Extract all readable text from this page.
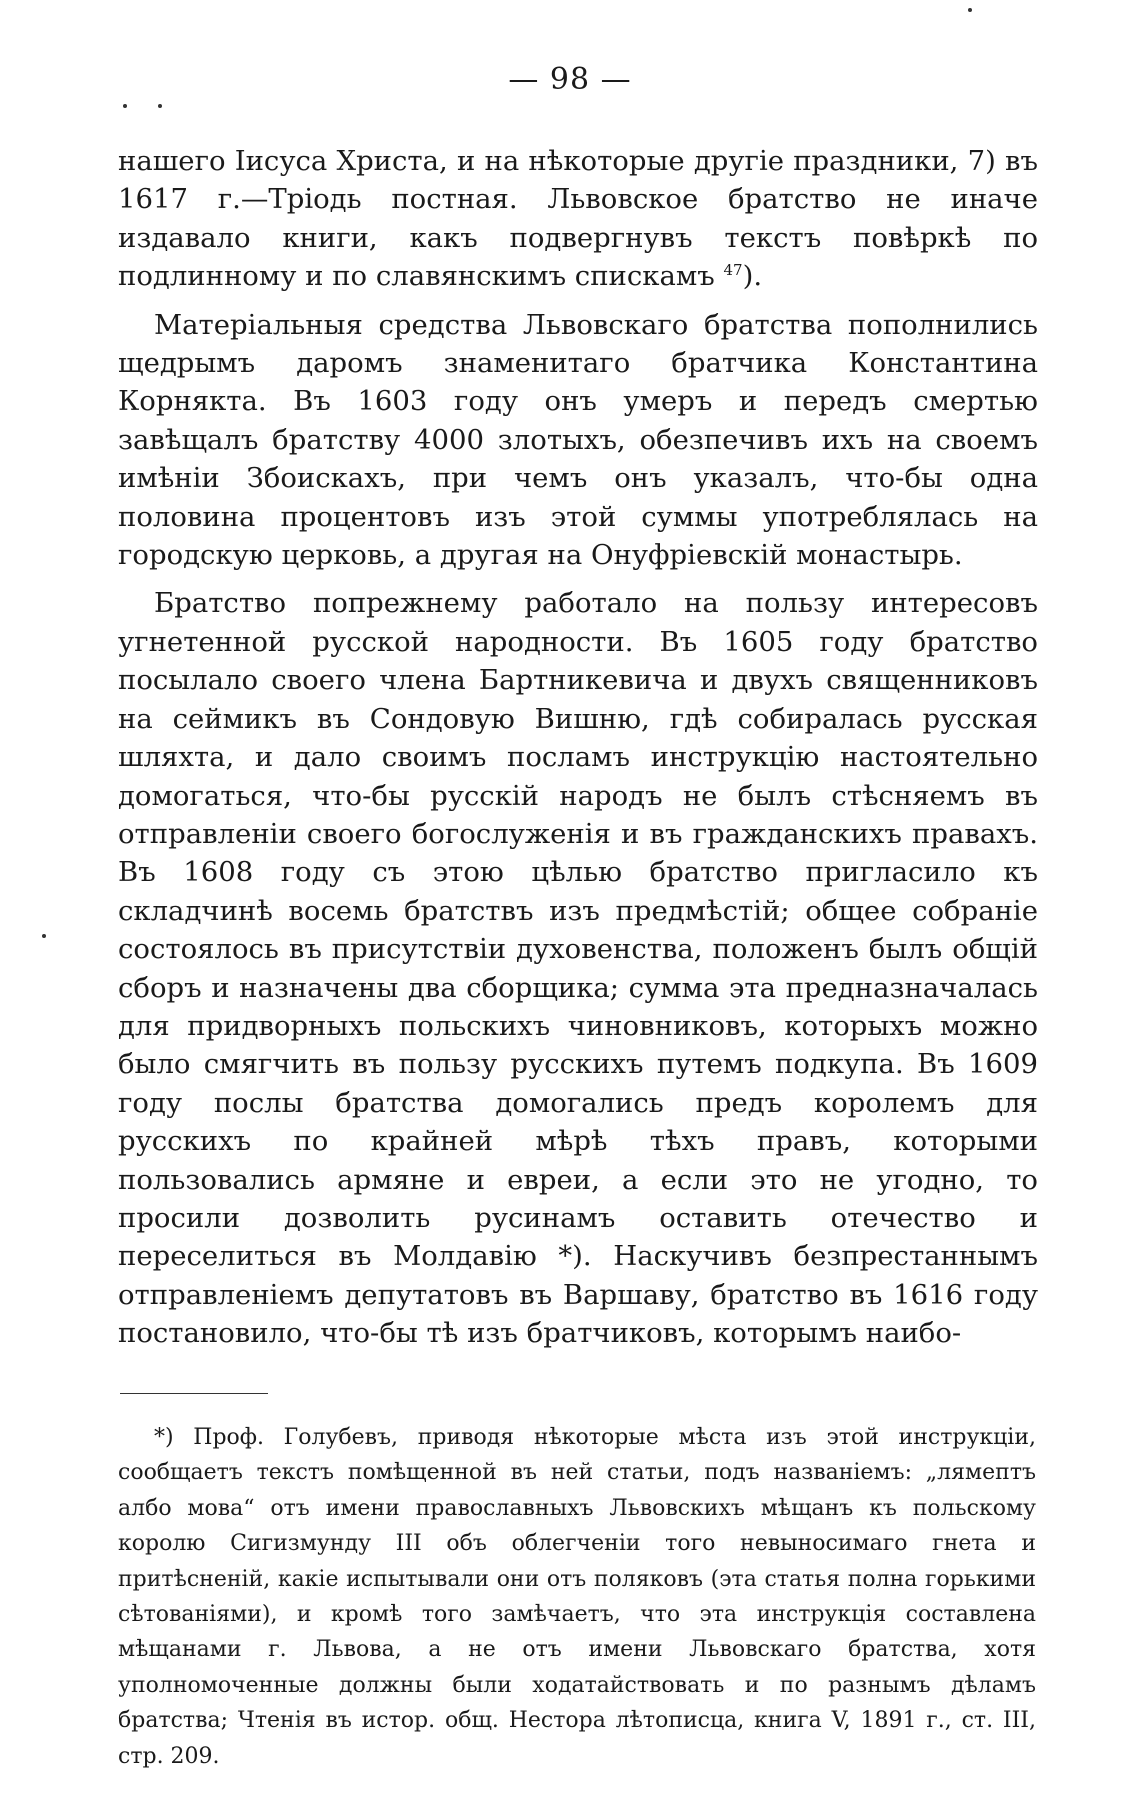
— 98 —

нашего Іисуса Христа, и на нѣкоторые другіе праздники, 7) въ 1617 г.—Тріодь постная. Львовское братство не иначе издавало книги, какъ подвергнувъ текстъ повѣркѣ по подлинному и по славянскимъ спискамъ $^{47}$).

Матеріальныя средства Львовскаго братства пополнились щедрымъ даромъ знаменитаго братчика Константина Корнякта. Въ 1603 году онъ умеръ и передъ смертью завѣщалъ братству 4000 злотыхъ, обезпечивъ ихъ на своемъ имѣніи Збоискахъ, при чемъ онъ указалъ, что-бы одна половина процентовъ изъ этой суммы употреблялась на городскую церковь, а другая на Онуфріевскій монастырь.

Братство попрежнему работало на пользу интересовъ угнетенной русской народности. Въ 1605 году братство посылало своего члена Бартникевича и двухъ священниковъ на сеймикъ въ Сондовую Вишню, гдѣ собиралась русская шляхта, и дало своимъ посламъ инструкцію настоятельно домогаться, что-бы русскій народъ не былъ стѣсняемъ въ отправленіи своего богослуженія и въ гражданскихъ правахъ. Въ 1608 году съ этою цѣлью братство пригласило къ складчинѣ восемь братствъ изъ предмѣстій; общее собраніе состоялось въ присутствіи духовенства, положенъ былъ общій сборъ и назначены два сборщика; сумма эта предназначалась для придворныхъ польскихъ чиновниковъ, которыхъ можно было смягчить въ пользу русскихъ путемъ подкупа. Въ 1609 году послы братства домогались предъ королемъ для русскихъ по крайней мѣрѣ тѣхъ правъ, которыми пользовались армяне и евреи, а если это не угодно, то просили дозволить русинамъ оставить отечество и переселиться въ Молдавію *). Наскучивъ безпрестаннымъ отправленіемъ депутатовъ въ Варшаву, братство въ 1616 году постановило, что-бы тѣ изъ братчиковъ, которымъ наибо-

*) Проф. Голубевъ, приводя нѣкоторые мѣста изъ этой инструкціи, сообщаетъ текстъ помѣщенной въ ней статьи, подъ названіемъ: „лямептъ албо мова“ отъ имени православныхъ Львовскихъ мѣщанъ къ польскому королю Сигизмунду III объ облегченіи того невыносимаго гнета и притѣсненій, какіе испытывали они отъ поляковъ (эта статья полна горькими сѣтованіями), и кромѣ того замѣчаетъ, что эта инструкція составлена мѣщанами г. Львова, а не отъ имени Львовскаго братства, хотя уполномоченные должны были ходатайствовать и по разнымъ дѣламъ братства; Чтенія въ истор. общ. Нестора лѣтописца, книга V, 1891 г., ст. III, стр. 209.
